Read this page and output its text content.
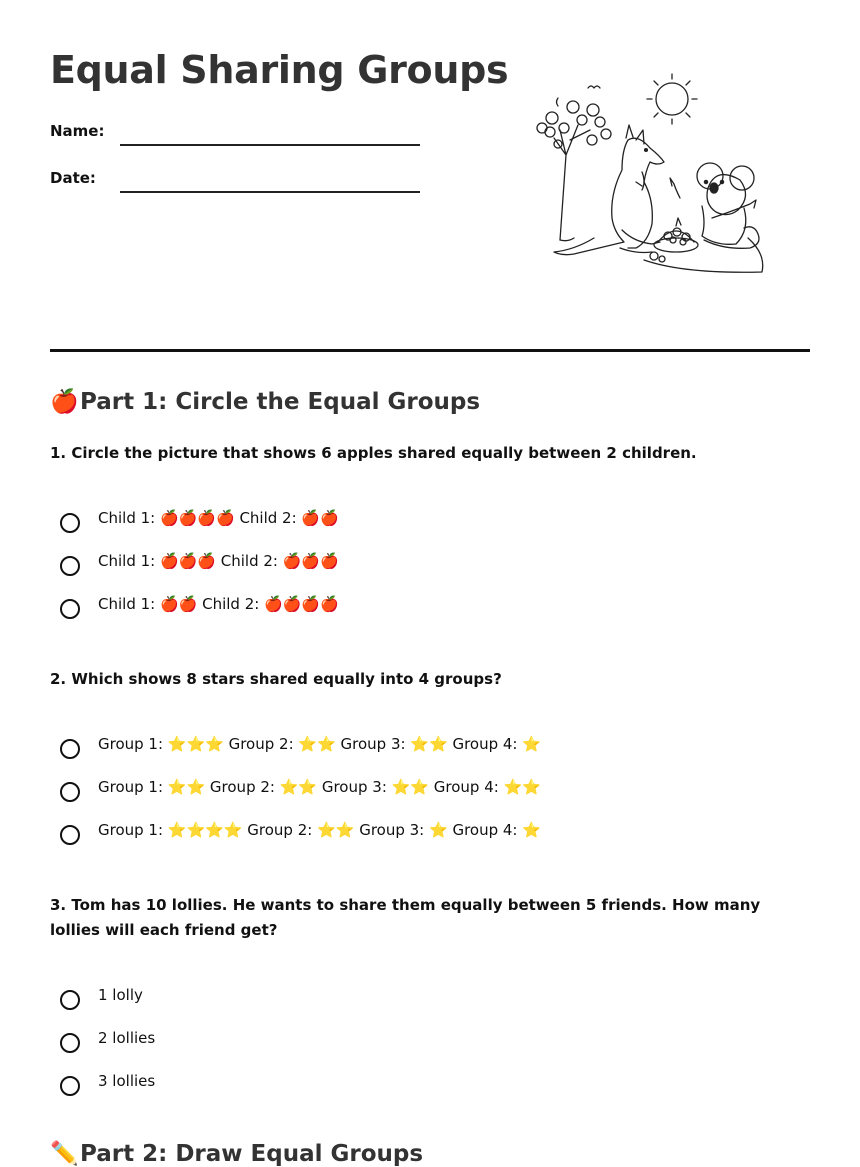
Equal Sharing Groups
Name:
Date:
🍎Part 1: Circle the Equal Groups

1. Circle the picture that shows 6 apples shared equally between 2 children.

Child 1: 🍎🍎🍎🍎 Child 2: 🍎🍎
Child 1: 🍎🍎🍎 Child 2: 🍎🍎🍎
Child 1: 🍎🍎 Child 2: 🍎🍎🍎🍎

2. Which shows 8 stars shared equally into 4 groups?

Group 1: ⭐⭐⭐ Group 2: ⭐⭐ Group 3: ⭐⭐ Group 4: ⭐
Group 1: ⭐⭐ Group 2: ⭐⭐ Group 3: ⭐⭐ Group 4: ⭐⭐
Group 1: ⭐⭐⭐⭐ Group 2: ⭐⭐ Group 3: ⭐ Group 4: ⭐

3. Tom has 10 lollies. He wants to share them equally between 5 friends. How many lollies will each friend get?

1 lolly
2 lollies
3 lollies
✏️Part 2: Draw Equal Groups
